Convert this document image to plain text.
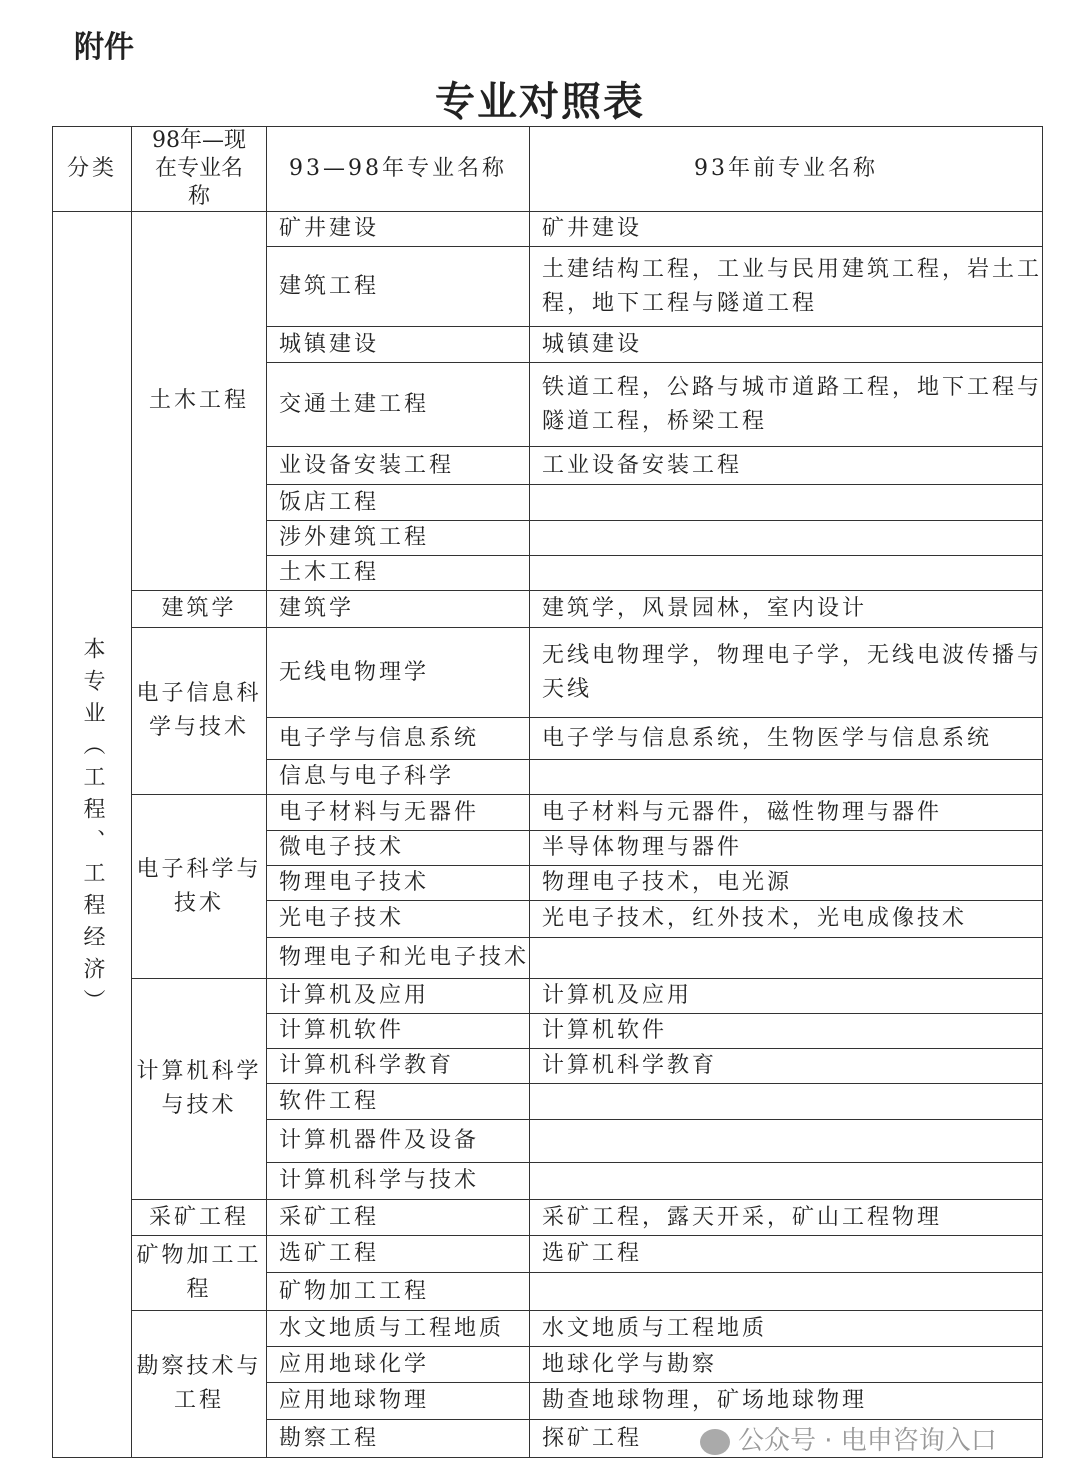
附件
专业对照表
分类	98年—现在专业名称	93—98年专业名称	93年前专业名称
本专业（工程、工程经济）	土木工程	矿井建设	矿井建设
		建筑工程	土建结构工程，工业与民用建筑工程，岩土工程，地下工程与隧道工程
		城镇建设	城镇建设
		交通土建工程	铁道工程，公路与城市道路工程，地下工程与隧道工程，桥梁工程
		业设备安装工程	工业设备安装工程
		饭店工程	
		涉外建筑工程	
		土木工程	
	建筑学	建筑学	建筑学，风景园林，室内设计
	电子信息科学与技术	无线电物理学	无线电物理学，物理电子学，无线电波传播与天线
		电子学与信息系统	电子学与信息系统，生物医学与信息系统
		信息与电子科学	
	电子科学与技术	电子材料与无器件	电子材料与元器件，磁性物理与器件
		微电子技术	半导体物理与器件
		物理电子技术	物理电子技术，电光源
		光电子技术	光电子技术，红外技术，光电成像技术
		物理电子和光电子技术	
	计算机科学与技术	计算机及应用	计算机及应用
		计算机软件	计算机软件
		计算机科学教育	计算机科学教育
		软件工程	
		计算机器件及设备	
		计算机科学与技术	
	采矿工程	采矿工程	采矿工程，露天开采，矿山工程物理
	矿物加工工程	选矿工程	选矿工程
		矿物加工工程	
	勘察技术与工程	水文地质与工程地质	水文地质与工程地质
		应用地球化学	地球化学与勘察
		应用地球物理	勘查地球物理，矿场地球物理
		勘察工程	探矿工程	公众号 · 电申咨询入口
